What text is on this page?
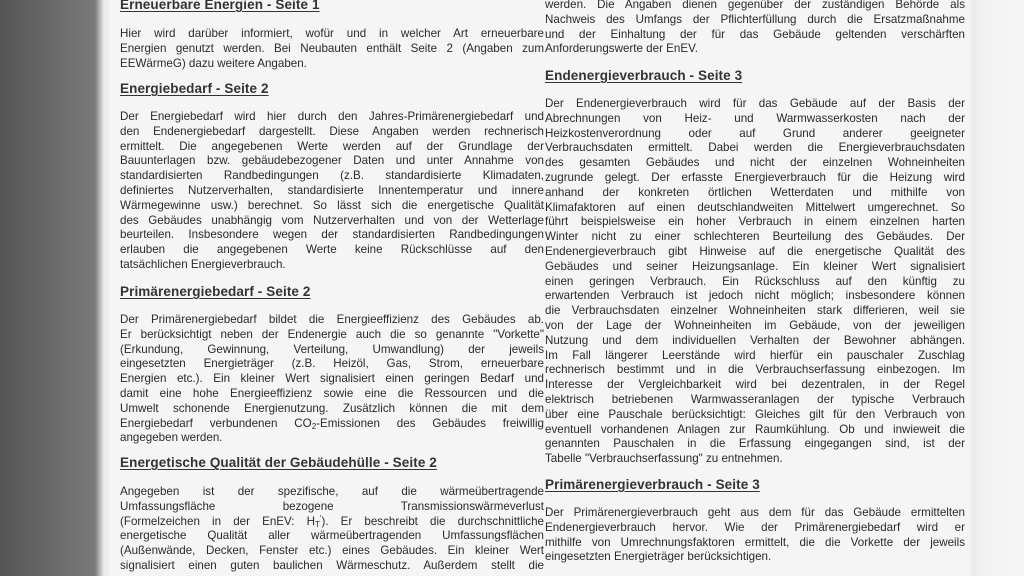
Erneuerbare Energien - Seite 1
Hier wird darüber informiert, wofür und in welcher Art erneuerbare
Energien genutzt werden. Bei Neubauten enthält Seite 2 (Angaben zum
EEWärmeG) dazu weitere Angaben.
Energiebedarf - Seite 2
Der Energiebedarf wird hier durch den Jahres-Primärenergiebedarf und
den Endenergiebedarf dargestellt. Diese Angaben werden rechnerisch
ermittelt. Die angegebenen Werte werden auf der Grundlage der
Bauunterlagen bzw. gebäudebezogener Daten und unter Annahme von
standardisierten Randbedingungen (z.B. standardisierte Klimadaten,
definiertes Nutzerverhalten, standardisierte Innentemperatur und innere
Wärmegewinne usw.) berechnet. So lässt sich die energetische Qualität
des Gebäudes unabhängig vom Nutzerverhalten und von der Wetterlage
beurteilen. Insbesondere wegen der standardisierten Randbedingungen
erlauben die angegebenen Werte keine Rückschlüsse auf den
tatsächlichen Energieverbrauch.
Primärenergiebedarf - Seite 2
Der Primärenergiebedarf bildet die Energieeffizienz des Gebäudes ab.
Er berücksichtigt neben der Endenergie auch die so genannte "Vorkette"
(Erkundung, Gewinnung, Verteilung, Umwandlung) der jeweils
eingesetzten Energieträger (z.B. Heizöl, Gas, Strom, erneuerbare
Energien etc.). Ein kleiner Wert signalisiert einen geringen Bedarf und
damit eine hohe Energieeffizienz sowie eine die Ressourcen und die
Umwelt schonende Energienutzung. Zusätzlich können die mit dem
Energiebedarf verbundenen $CO_2$-Emissionen des Gebäudes freiwillig
angegeben werden.
Energetische Qualität der Gebäudehülle - Seite 2
Angegeben ist der spezifische, auf die wärmeübertragende
Umfassungsfläche bezogene Transmissionswärmeverlust
(Formelzeichen in der EnEV: $H_T'$). Er beschreibt die durchschnittliche
energetische Qualität aller wärmeübertragenden Umfassungsflächen
(Außenwände, Decken, Fenster etc.) eines Gebäudes. Ein kleiner Wert
signalisiert einen guten baulichen Wärmeschutz. Außerdem stellt die
werden. Die Angaben dienen gegenüber der zuständigen Behörde als
Nachweis des Umfangs der Pflichterfüllung durch die Ersatzmaßnahme
und der Einhaltung der für das Gebäude geltenden verschärften
Anforderungswerte der EnEV.
Endenergieverbrauch - Seite 3
Der Endenergieverbrauch wird für das Gebäude auf der Basis der
Abrechnungen von Heiz- und Warmwasserkosten nach der
Heizkostenverordnung oder auf Grund anderer geeigneter
Verbrauchsdaten ermittelt. Dabei werden die Energieverbrauchsdaten
des gesamten Gebäudes und nicht der einzelnen Wohneinheiten
zugrunde gelegt. Der erfasste Energieverbrauch für die Heizung wird
anhand der konkreten örtlichen Wetterdaten und mithilfe von
Klimafaktoren auf einen deutschlandweiten Mittelwert umgerechnet. So
führt beispielsweise ein hoher Verbrauch in einem einzelnen harten
Winter nicht zu einer schlechteren Beurteilung des Gebäudes. Der
Endenergieverbrauch gibt Hinweise auf die energetische Qualität des
Gebäudes und seiner Heizungsanlage. Ein kleiner Wert signalisiert
einen geringen Verbrauch. Ein Rückschluss auf den künftig zu
erwartenden Verbrauch ist jedoch nicht möglich; insbesondere können
die Verbrauchsdaten einzelner Wohneinheiten stark differieren, weil sie
von der Lage der Wohneinheiten im Gebäude, von der jeweiligen
Nutzung und dem individuellen Verhalten der Bewohner abhängen.
Im Fall längerer Leerstände wird hierfür ein pauschaler Zuschlag
rechnerisch bestimmt und in die Verbrauchserfassung einbezogen. Im
Interesse der Vergleichbarkeit wird bei dezentralen, in der Regel
elektrisch betriebenen Warmwasseranlagen der typische Verbrauch
über eine Pauschale berücksichtigt: Gleiches gilt für den Verbrauch von
eventuell vorhandenen Anlagen zur Raumkühlung. Ob und inwieweit die
genannten Pauschalen in die Erfassung eingegangen sind, ist der
Tabelle "Verbrauchserfassung" zu entnehmen.
Primärenergieverbrauch - Seite 3
Der Primärenergieverbrauch geht aus dem für das Gebäude ermittelten
Endenergieverbrauch hervor. Wie der Primärenergiebedarf wird er
mithilfe von Umrechnungsfaktoren ermittelt, die die Vorkette der jeweils
eingesetzten Energieträger berücksichtigen.
